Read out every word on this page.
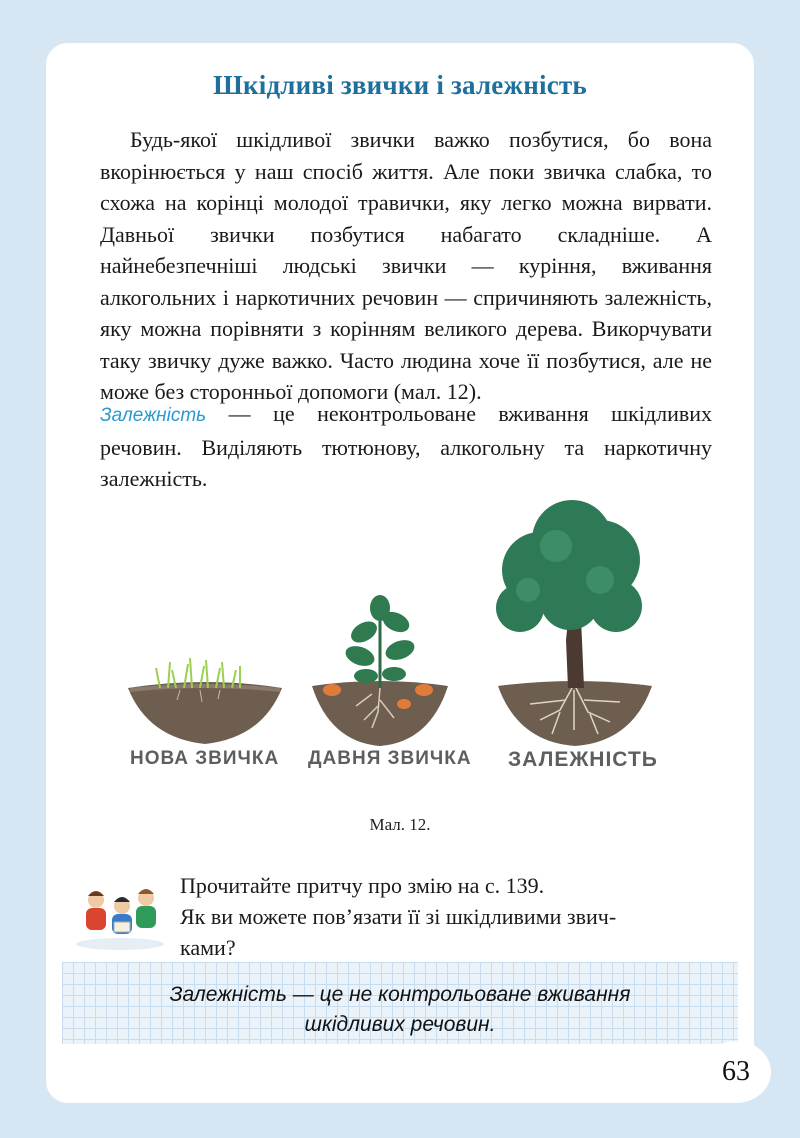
Шкідливі звички і залежність
Будь-якої шкідливої звички важко позбутися, бо вона вкорінюється у наш спосіб життя. Але поки звичка слабка, то схожа на корінці молодої травички, яку легко можна вирвати. Давньої звички позбутися набагато складніше. А найнебезпечніші людські звички — куріння, вживання алкогольних і наркотичних речовин — спричиняють залежність, яку можна порівняти з корінням великого дерева. Викорчувати таку звичку дуже важко. Часто людина хоче її позбутися, але не може без сторонньої допомоги (мал. 12).
Залежність — це неконтрольоване вживання шкідливих речовин. Виділяють тютюнову, алкогольну та наркотичну залежність.
НОВА ЗВИЧКА ДАВНЯ ЗВИЧКА ЗАЛЕЖНІСТЬ
Мал. 12.
Прочитайте притчу про змію на с. 139.
Як ви можете пов’язати її зі шкідливими звич-
ками?
Залежність — це не контрольоване вживання
шкідливих речовин.
63
